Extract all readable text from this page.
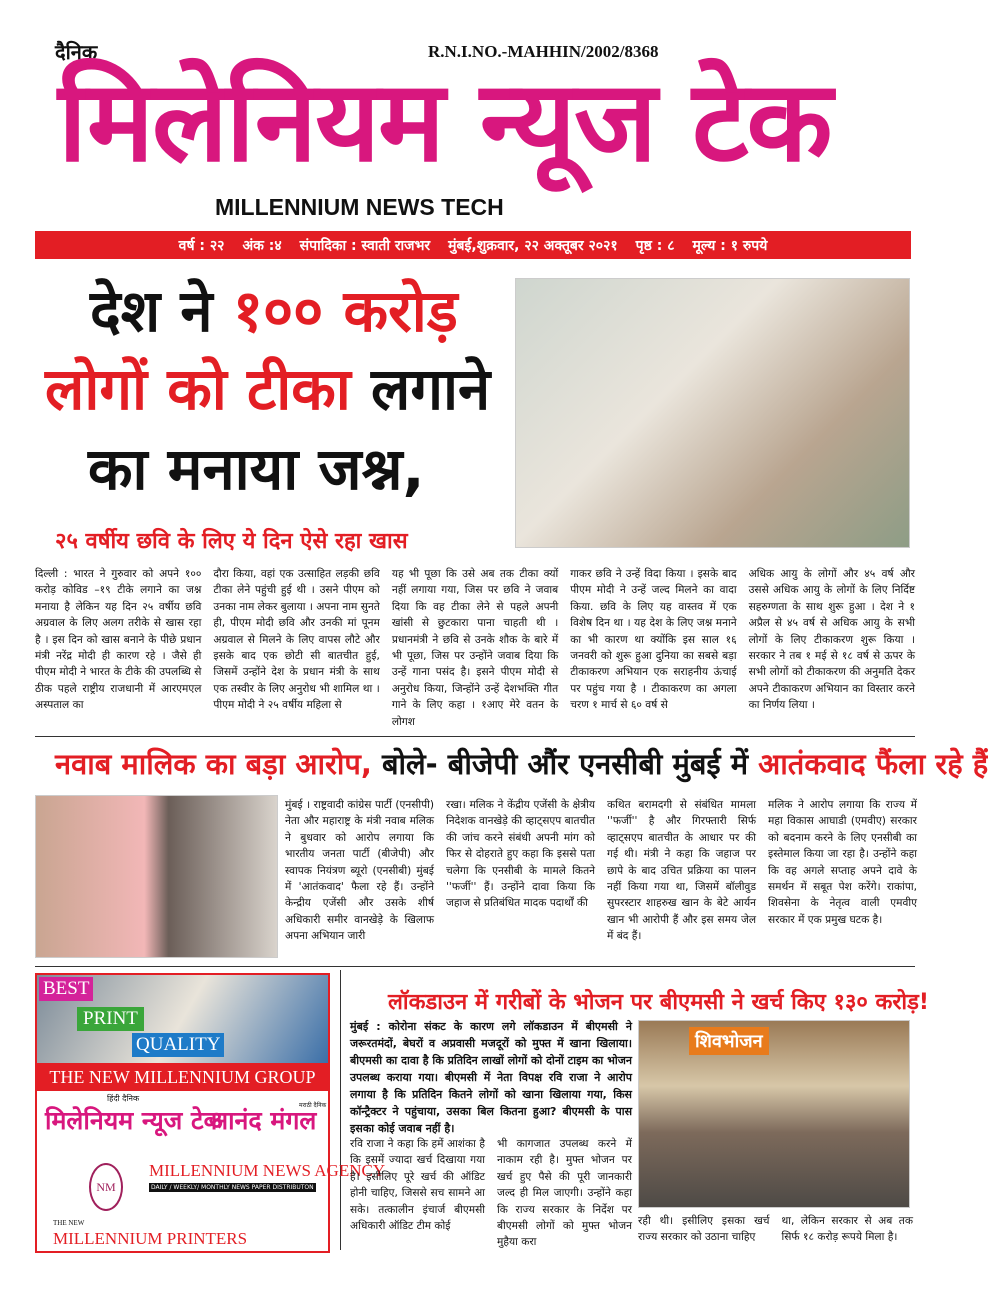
दैनिक	R.N.I.NO.-MAHHIN/2002/8368
मिलेनियम न्यूज टेक
MILLENNIUM NEWS TECH
वर्ष : २२ अंक :४ संपादिका : स्वाती राजभर मुंबई,शुक्रवार, २२ अक्तूबर २०२१ पृष्ठ : ८ मूल्य : १ रुपये
देश ने १०० करोड़
लोगों को टीका लगाने
का मनाया जश्न,
२५ वर्षीय छवि के लिए ये दिन ऐसे रहा खास
दिल्ली : भारत ने गुरुवार को अपने १०० करोड़ कोविड –१९ टीके लगाने का जश्न मनाया है लेकिन यह दिन २५ वर्षीय छवि अग्रवाल के लिए अलग तरीके से खास रहा है । इस दिन को खास बनाने के पीछे प्रधान मंत्री नरेंद्र मोदी ही कारण रहे । जैसे ही पीएम मोदी ने भारत के टीके की उपलब्धि से ठीक पहले राष्ट्रीय राजधानी में आरएमएल अस्पताल का
दौरा किया, वहां एक उत्साहित लड़की छवि टीका लेने पहुंची हुई थी । उसने पीएम को उनका नाम लेकर बुलाया । अपना नाम सुनते ही, पीएम मोदी छवि और उनकी मां पूनम अग्रवाल से मिलने के लिए वापस लौटे और इसके बाद एक छोटी सी बातचीत हुई, जिसमें उन्होंने देश के प्रधान मंत्री के साथ एक तस्वीर के लिए अनुरोध भी शामिल था । पीएम मोदी ने २५ वर्षीय महिला से
यह भी पूछा कि उसे अब तक टीका क्यों नहीं लगाया गया, जिस पर छवि ने जवाब दिया कि वह टीका लेने से पहले अपनी खांसी से छुटकारा पाना चाहती थी । प्रधानमंत्री ने छवि से उनके शौक के बारे में भी पूछा, जिस पर उन्होंने जवाब दिया कि उन्हें गाना पसंद है। इसने पीएम मोदी से अनुरोध किया, जिन्होंने उन्हें देशभक्ति गीत गाने के लिए कहा । १आए मेरे वतन के लोगश
गाकर छवि ने उन्हें विदा किया । इसके बाद पीएम मोदी ने उन्हें जल्द मिलने का वादा किया. छवि के लिए यह वास्तव में एक विशेष दिन था । यह देश के लिए जश्न मनाने का भी कारण था क्योंकि इस साल १६ जनवरी को शुरू हुआ दुनिया का सबसे बड़ा टीकाकरण अभियान एक सराहनीय ऊंचाई पर पहुंच गया है । टीकाकरण का अगला चरण १ मार्च से ६० वर्ष से
अधिक आयु के लोगों और ४५ वर्ष और उससे अधिक आयु के लोगों के लिए निर्दिष्ट सहरुग्णता के साथ शुरू हुआ । देश ने १ अप्रैल से ४५ वर्ष से अधिक आयु के सभी लोगों के लिए टीकाकरण शुरू किया । सरकार ने तब १ मई से १८ वर्ष से ऊपर के सभी लोगों को टीकाकरण की अनुमति देकर अपने टीकाकरण अभियान का विस्तार करने का निर्णय लिया ।
नवाब मालिक का बड़ा आरोप, बोले- बीजेपी औंर एनसीबी मुंबई में आतंकवाद फैंला रहे हैं
मुंबई । राष्ट्रवादी कांग्रेस पार्टी (एनसीपी) नेता और महाराष्ट्र के मंत्री नवाब मलिक ने बुधवार को आरोप लगाया कि भारतीय जनता पार्टी (बीजेपी) और स्वापक नियंत्रण ब्यूरो (एनसीबी) मुंबई में 'आतंकवाद' फैला रहे हैं। उन्होंने केन्द्रीय एजेंसी और उसके शीर्ष अधिकारी समीर वानखेड़े के खिलाफ अपना अभियान जारी
रखा। मलिक ने केंद्रीय एजेंसी के क्षेत्रीय निदेशक वानखेड़े की व्हाट्सएप बातचीत की जांच करने संबंधी अपनी मांग को फिर से दोहराते हुए कहा कि इससे पता चलेगा कि एनसीबी के मामले कितने ''फर्जी'' हैं। उन्होंने दावा किया कि जहाज से प्रतिबंधित मादक पदार्थों की
कथित बरामदगी से संबंधित मामला ''फर्जी'' है और गिरफ्तारी सिर्फ व्हाट्सएप बातचीत के आधार पर की गई थी। मंत्री ने कहा कि जहाज पर छापे के बाद उचित प्रक्रिया का पालन नहीं किया गया था, जिसमें बॉलीवुड सुपरस्टार शाहरुख खान के बेटे आर्यन खान भी आरोपी हैं और इस समय जेल में बंद हैं।
मलिक ने आरोप लगाया कि राज्य में महा विकास आघाडी (एमवीए) सरकार को बदनाम करने के लिए एनसीबी का इस्तेमाल किया जा रहा है। उन्होंने कहा कि वह अगले सप्ताह अपने दावे के समर्थन में सबूत पेश करेंगे। राकांपा, शिवसेना के नेतृत्व वाली एमवीए सरकार में एक प्रमुख घटक है।
BEST
PRINT
QUALITY
THE NEW MILLENNIUM GROUP
हिंदी दैनिक
मिलेनियम न्यूज टेक
मराठी दैनिक
आनंद मंगल
NM
MILLENNIUM NEWS AGENCY
DAILY / WEEKLY/ MONTHLY NEWS PAPER DISTRIBUTON
THE NEW
MILLENNIUM PRINTERS
लॉकडाउन में गरीबों के भोजन पर बीएमसी ने खर्च किए १३० करोड़!
मुंबई : कोरोना संकट के कारण लगे लॉकडाउन में बीएमसी ने जरूरतमंदों, बेघरों व अप्रवासी मजदूरों को मुफ्त में खाना खिलाया। बीएमसी का दावा है कि प्रतिदिन लाखों लोगों को दोनों टाइम का भोजन उपलब्ध कराया गया। बीएमसी में नेता विपक्ष रवि राजा ने आरोप लगाया है कि प्रतिदिन कितने लोगों को खाना खिलाया गया, किस कॉन्ट्रैक्टर ने पहुंचाया, उसका बिल कितना हुआ? बीएमसी के पास इसका कोई जवाब नहीं है।
शिवभोजन
रवि राजा ने कहा कि हमें आशंका है कि इसमें ज्यादा खर्च दिखाया गया है। इसीलिए पूरे खर्च की ऑडिट होनी चाहिए, जिससे सच सामने आ सके। तत्कालीन इंचार्ज बीएमसी अधिकारी ऑडिट टीम कोई
भी कागजात उपलब्ध करने में नाकाम रही है। मुफ्त भोजन पर खर्च हुए पैसे की पूरी जानकारी जल्द ही मिल जाएगी। उन्होंने कहा कि राज्य सरकार के निर्देश पर बीएमसी लोगों को मुफ्त भोजन मुहैया करा
रही थी। इसीलिए इसका खर्च राज्य सरकार को उठाना चाहिए
था, लेकिन सरकार से अब तक सिर्फ १८ करोड़ रूपये मिला है।
